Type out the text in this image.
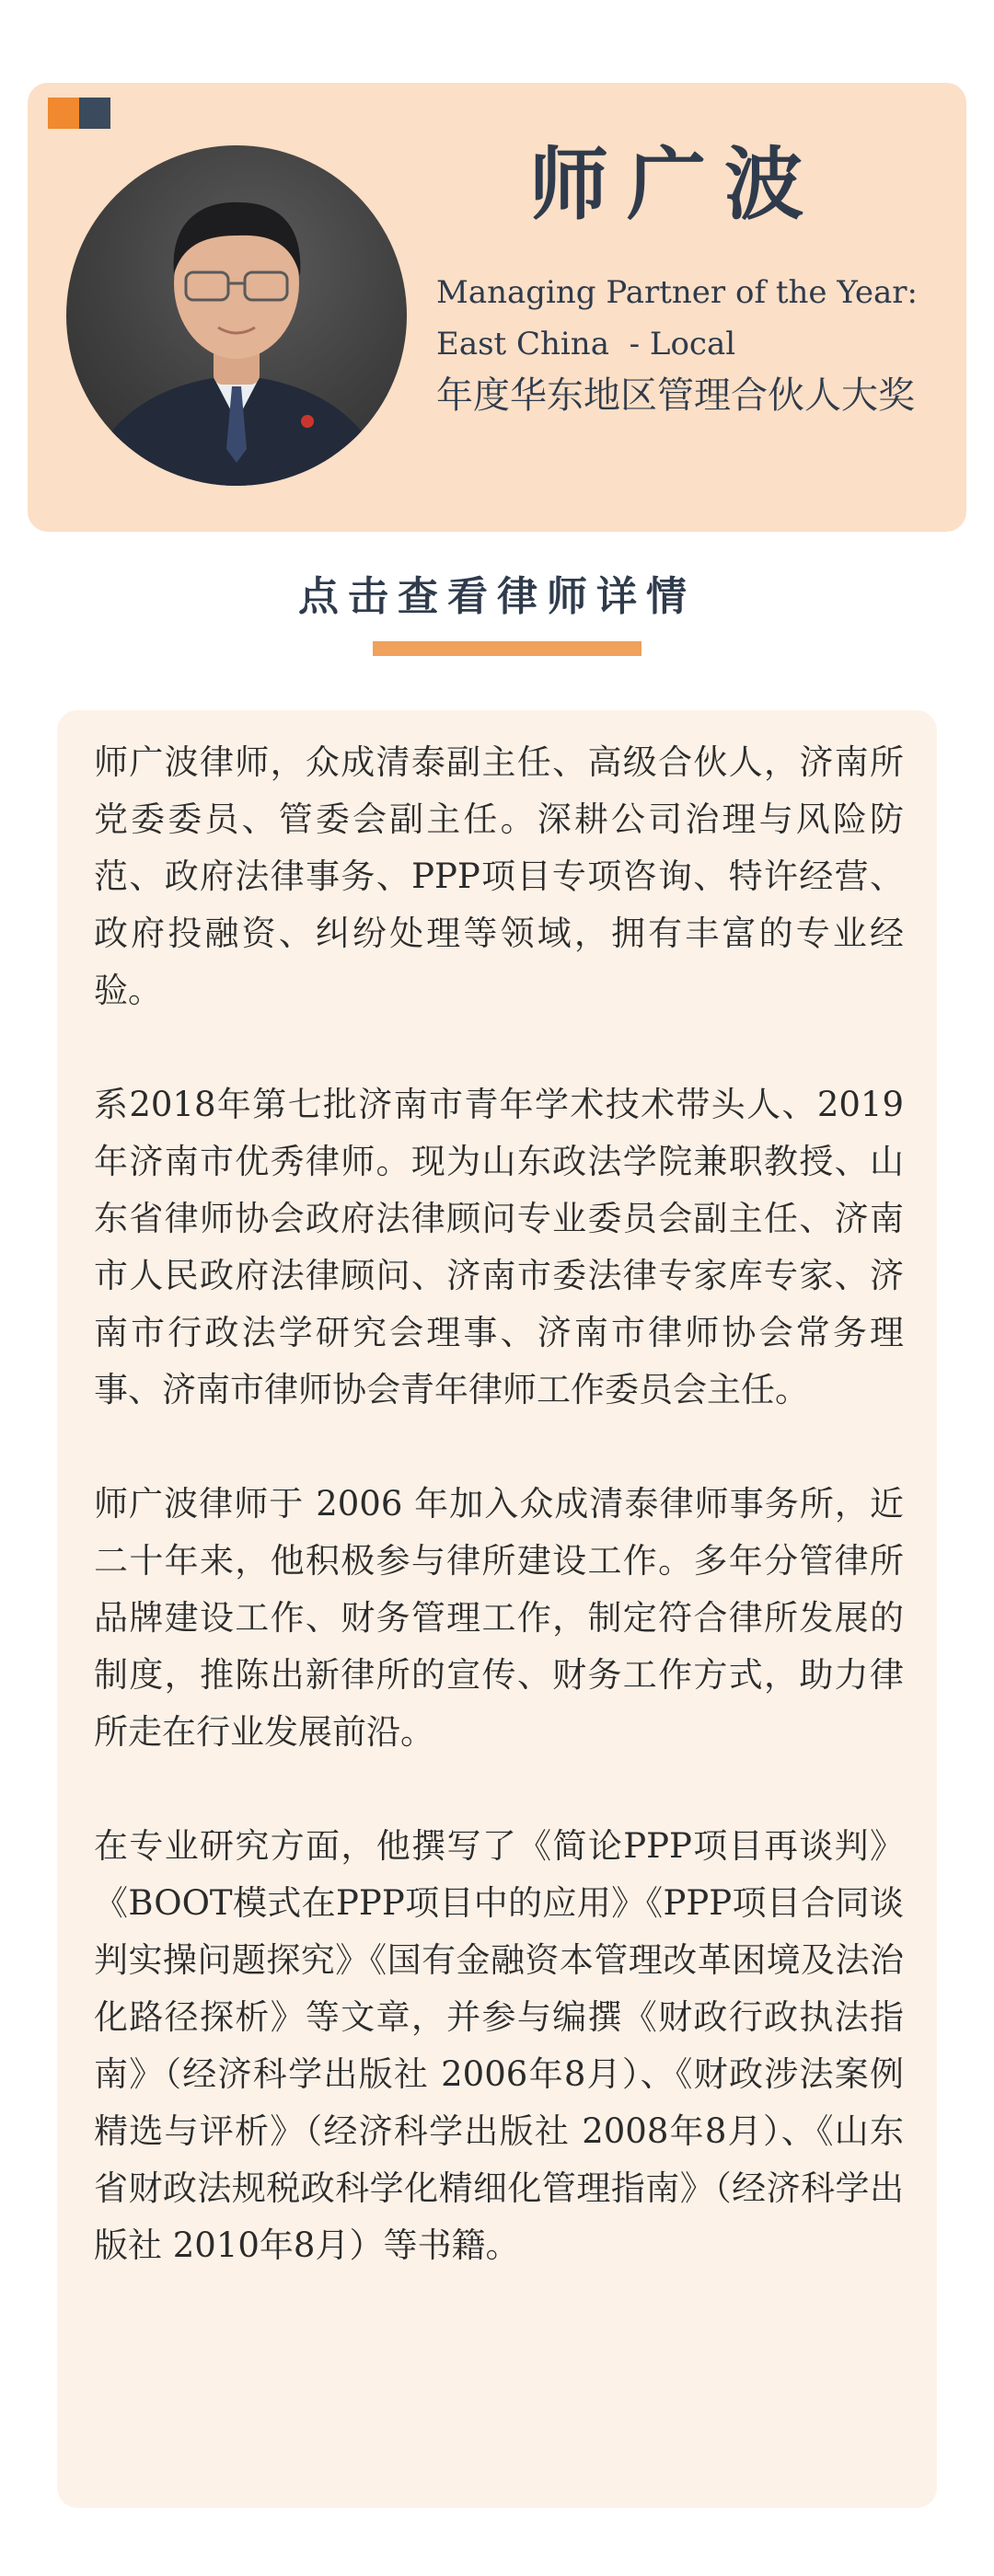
师广波
Managing Partner of the Year:
East China  - Local
年度华东地区管理合伙人大奖
点击查看律师详情

师广波律师，众成清泰副主任、高级合伙人，济南所党委委员、管委会副主任。深耕公司治理与风险防范、政府法律事务、PPP项目专项咨询、特许经营、政府投融资、纠纷处理等领域，拥有丰富的专业经验。

系2018年第七批济南市青年学术技术带头人、2019年济南市优秀律师。现为山东政法学院兼职教授、山东省律师协会政府法律顾问专业委员会副主任、济南市人民政府法律顾问、济南市委法律专家库专家、济南市行政法学研究会理事、济南市律师协会常务理事、济南市律师协会青年律师工作委员会主任。

师广波律师于 2006 年加入众成清泰律师事务所，近二十年来，他积极参与律所建设工作。多年分管律所品牌建设工作、财务管理工作，制定符合律所发展的制度，推陈出新律所的宣传、财务工作方式，助力律所走在行业发展前沿。

在专业研究方面，他撰写了《简论PPP项目再谈判》《BOOT模式在PPP项目中的应用》《PPP项目合同谈判实操问题探究》《国有金融资本管理改革困境及法治化路径探析》等文章，并参与编撰《财政行政执法指南》（经济科学出版社 2006年8月）、《财政涉法案例精选与评析》（经济科学出版社 2008年8月）、《山东省财政法规税政科学化精细化管理指南》（经济科学出版社 2010年8月）等书籍。
